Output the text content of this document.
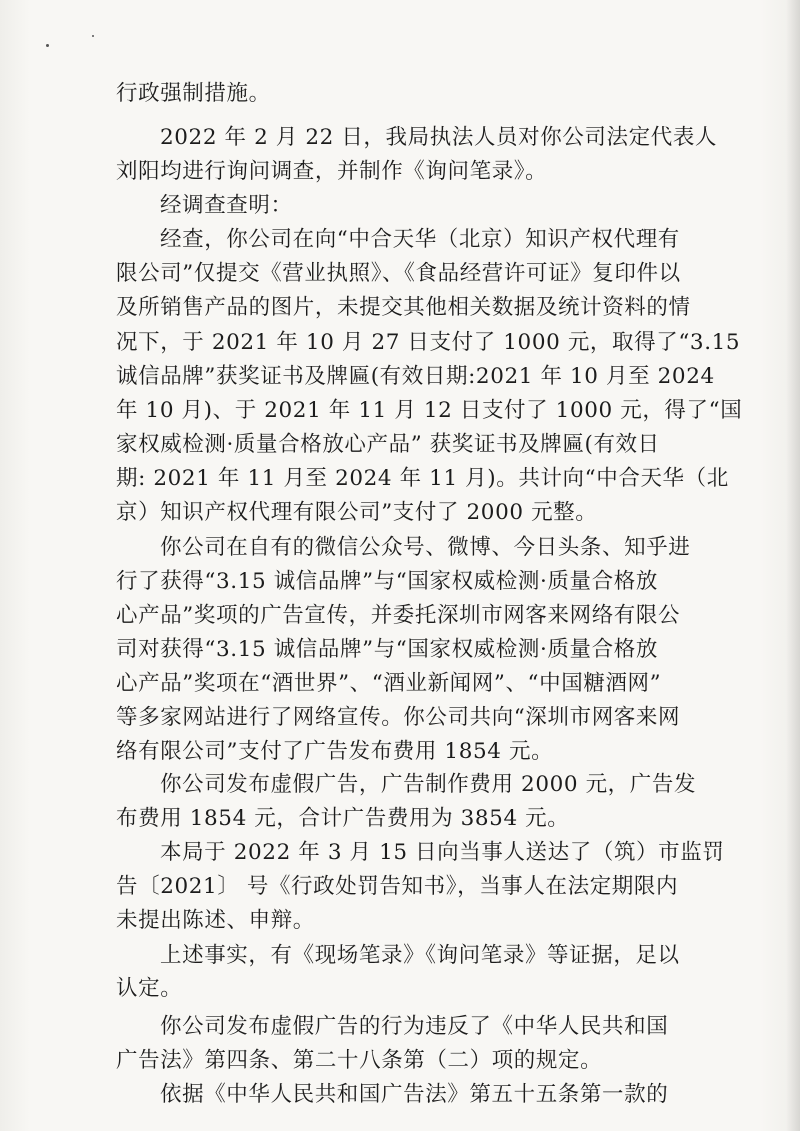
行政强制措施。
2022 年 2 月 22 日，我局执法人员对你公司法定代表人
刘阳均进行询问调查，并制作《询问笔录》。
经调查查明：
经查，你公司在向“中合天华（北京）知识产权代理有
限公司”仅提交《营业执照》、《食品经营许可证》复印件以
及所销售产品的图片，未提交其他相关数据及统计资料的情
况下，于 2021 年 10 月 27 日支付了 1000 元，取得了“3.15
诚信品牌”获奖证书及牌匾(有效日期:2021 年 10 月至 2024
年 10 月)、于 2021 年 11 月 12 日支付了 1000 元，得了“国
家权威检测·质量合格放心产品” 获奖证书及牌匾(有效日
期: 2021 年 11 月至 2024 年 11 月)。共计向“中合天华（北
京）知识产权代理有限公司”支付了 2000 元整。
你公司在自有的微信公众号、微博、今日头条、知乎进
行了获得“3.15 诚信品牌”与“国家权威检测·质量合格放
心产品”奖项的广告宣传，并委托深圳市网客来网络有限公
司对获得“3.15 诚信品牌”与“国家权威检测·质量合格放
心产品”奖项在“酒世界”、“酒业新闻网”、“中国糖酒网”
等多家网站进行了网络宣传。你公司共向“深圳市网客来网
络有限公司”支付了广告发布费用 1854 元。
你公司发布虚假广告，广告制作费用 2000 元，广告发
布费用 1854 元，合计广告费用为 3854 元。
本局于 2022 年 3 月 15 日向当事人送达了（筑）市监罚
告〔2021〕 号《行政处罚告知书》，当事人在法定期限内
未提出陈述、申辩。
上述事实，有《现场笔录》《询问笔录》等证据，足以
认定。
你公司发布虚假广告的行为违反了《中华人民共和国
广告法》第四条、第二十八条第（二）项的规定。
依据《中华人民共和国广告法》第五十五条第一款的
